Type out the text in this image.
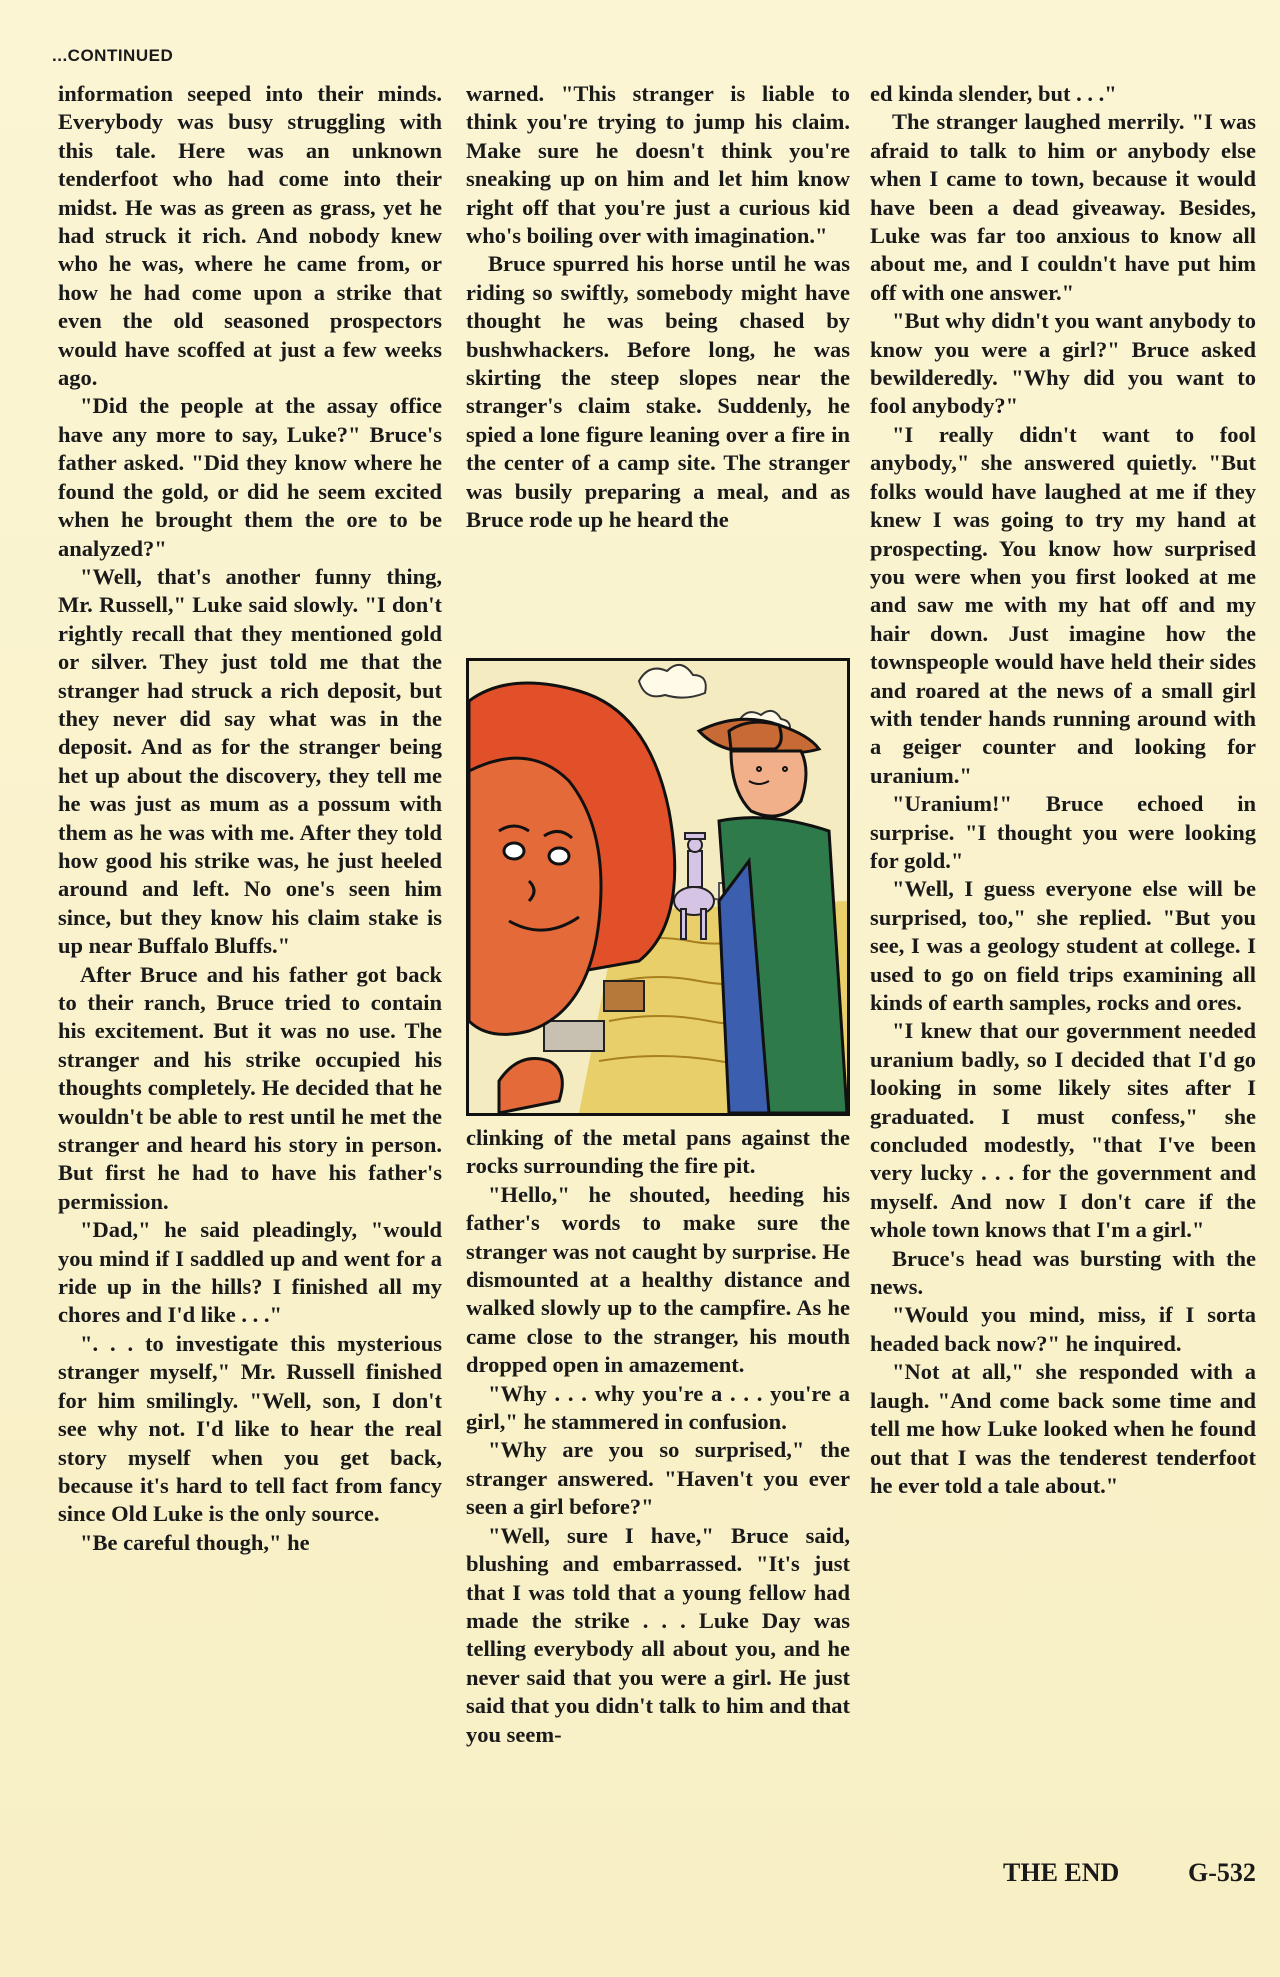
...CONTINUED

information seeped into their minds. Everybody was busy struggling with this tale. Here was an unknown tenderfoot who had come into their midst. He was as green as grass, yet he had struck it rich. And nobody knew who he was, where he came from, or how he had come upon a strike that even the old seasoned prospectors would have scoffed at just a few weeks ago.

"Did the people at the assay office have any more to say, Luke?" Bruce's father asked. "Did they know where he found the gold, or did he seem excited when he brought them the ore to be analyzed?"

"Well, that's another funny thing, Mr. Russell," Luke said slowly. "I don't rightly recall that they mentioned gold or silver. They just told me that the stranger had struck a rich deposit, but they never did say what was in the deposit. And as for the stranger being het up about the discovery, they tell me he was just as mum as a possum with them as he was with me. After they told how good his strike was, he just heeled around and left. No one's seen him since, but they know his claim stake is up near Buffalo Bluffs."

After Bruce and his father got back to their ranch, Bruce tried to contain his excitement. But it was no use. The stranger and his strike occupied his thoughts completely. He decided that he wouldn't be able to rest until he met the stranger and heard his story in person. But first he had to have his father's permission.

"Dad," he said pleadingly, "would you mind if I saddled up and went for a ride up in the hills? I finished all my chores and I'd like . . ."

". . . to investigate this mysterious stranger myself," Mr. Russell finished for him smilingly. "Well, son, I don't see why not. I'd like to hear the real story myself when you get back, because it's hard to tell fact from fancy since Old Luke is the only source.

"Be careful though," he

warned. "This stranger is liable to think you're trying to jump his claim. Make sure he doesn't think you're sneaking up on him and let him know right off that you're just a curious kid who's boiling over with imagination."

Bruce spurred his horse until he was riding so swiftly, somebody might have thought he was being chased by bushwhackers. Before long, he was skirting the steep slopes near the stranger's claim stake. Suddenly, he spied a lone figure leaning over a fire in the center of a camp site. The stranger was busily preparing a meal, and as Bruce rode up he heard the

clinking of the metal pans against the rocks surrounding the fire pit.

"Hello," he shouted, heeding his father's words to make sure the stranger was not caught by surprise. He dismounted at a healthy distance and walked slowly up to the campfire. As he came close to the stranger, his mouth dropped open in amazement.

"Why . . . why you're a . . . you're a girl," he stammered in confusion.

"Why are you so surprised," the stranger answered. "Haven't you ever seen a girl before?"

"Well, sure I have," Bruce said, blushing and embarrassed. "It's just that I was told that a young fellow had made the strike . . . Luke Day was telling everybody all about you, and he never said that you were a girl. He just said that you didn't talk to him and that you seem-

ed kinda slender, but . . ."

The stranger laughed merrily. "I was afraid to talk to him or anybody else when I came to town, because it would have been a dead giveaway. Besides, Luke was far too anxious to know all about me, and I couldn't have put him off with one answer."

"But why didn't you want anybody to know you were a girl?" Bruce asked bewilderedly. "Why did you want to fool anybody?"

"I really didn't want to fool anybody," she answered quietly. "But folks would have laughed at me if they knew I was going to try my hand at prospecting. You know how surprised you were when you first looked at me and saw me with my hat off and my hair down. Just imagine how the townspeople would have held their sides and roared at the news of a small girl with tender hands running around with a geiger counter and looking for uranium."

"Uranium!" Bruce echoed in surprise. "I thought you were looking for gold."

"Well, I guess everyone else will be surprised, too," she replied. "But you see, I was a geology student at college. I used to go on field trips examining all kinds of earth samples, rocks and ores.

"I knew that our government needed uranium badly, so I decided that I'd go looking in some likely sites after I graduated. I must confess," she concluded modestly, "that I've been very lucky . . . for the government and myself. And now I don't care if the whole town knows that I'm a girl."

Bruce's head was bursting with the news.

"Would you mind, miss, if I sorta headed back now?" he inquired.

"Not at all," she responded with a laugh. "And come back some time and tell me how Luke looked when he found out that I was the tenderest tenderfoot he ever told a tale about."

THE END	G-532
